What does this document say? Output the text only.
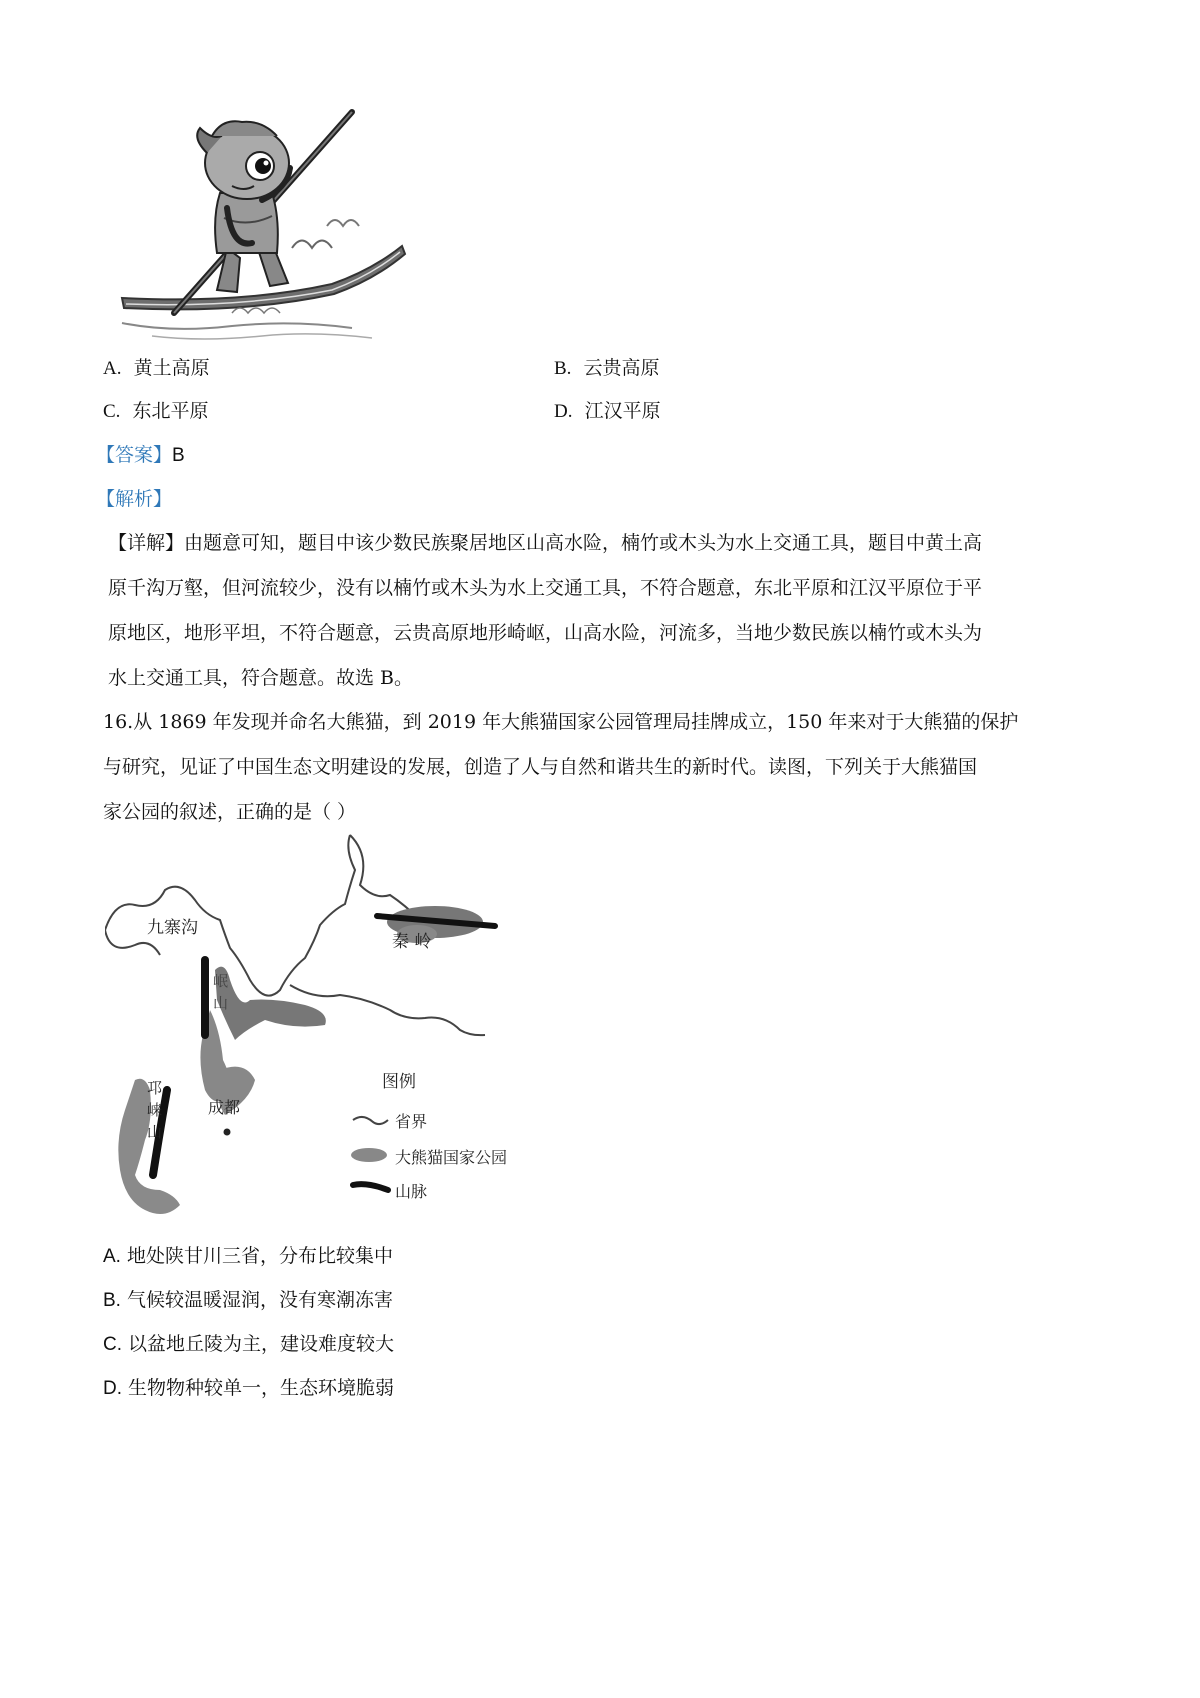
A. 黄土高原	B. 云贵高原
C. 东北平原	D. 江汉平原
【答案】B
【解析】
【详解】由题意可知，题目中该少数民族聚居地区山高水险，楠竹或木头为水上交通工具，题目中黄土高
原千沟万壑，但河流较少，没有以楠竹或木头为水上交通工具，不符合题意，东北平原和江汉平原位于平
原地区，地形平坦，不符合题意，云贵高原地形崎岖，山高水险，河流多，当地少数民族以楠竹或木头为
水上交通工具，符合题意。故选 B。
16.从 1869 年发现并命名大熊猫，到 2019 年大熊猫国家公园管理局挂牌成立，150 年来对于大熊猫的保护
与研究，见证了中国生态文明建设的发展，创造了人与自然和谐共生的新时代。读图，下列关于大熊猫国
家公园的叙述，正确的是（ ）
九寨沟
秦 岭
岷山
邛崃山
成都
图例
省界
大熊猫国家公园
山脉
A. 地处陕甘川三省，分布比较集中
B. 气候较温暖湿润，没有寒潮冻害
C. 以盆地丘陵为主，建设难度较大
D. 生物物种较单一，生态环境脆弱
